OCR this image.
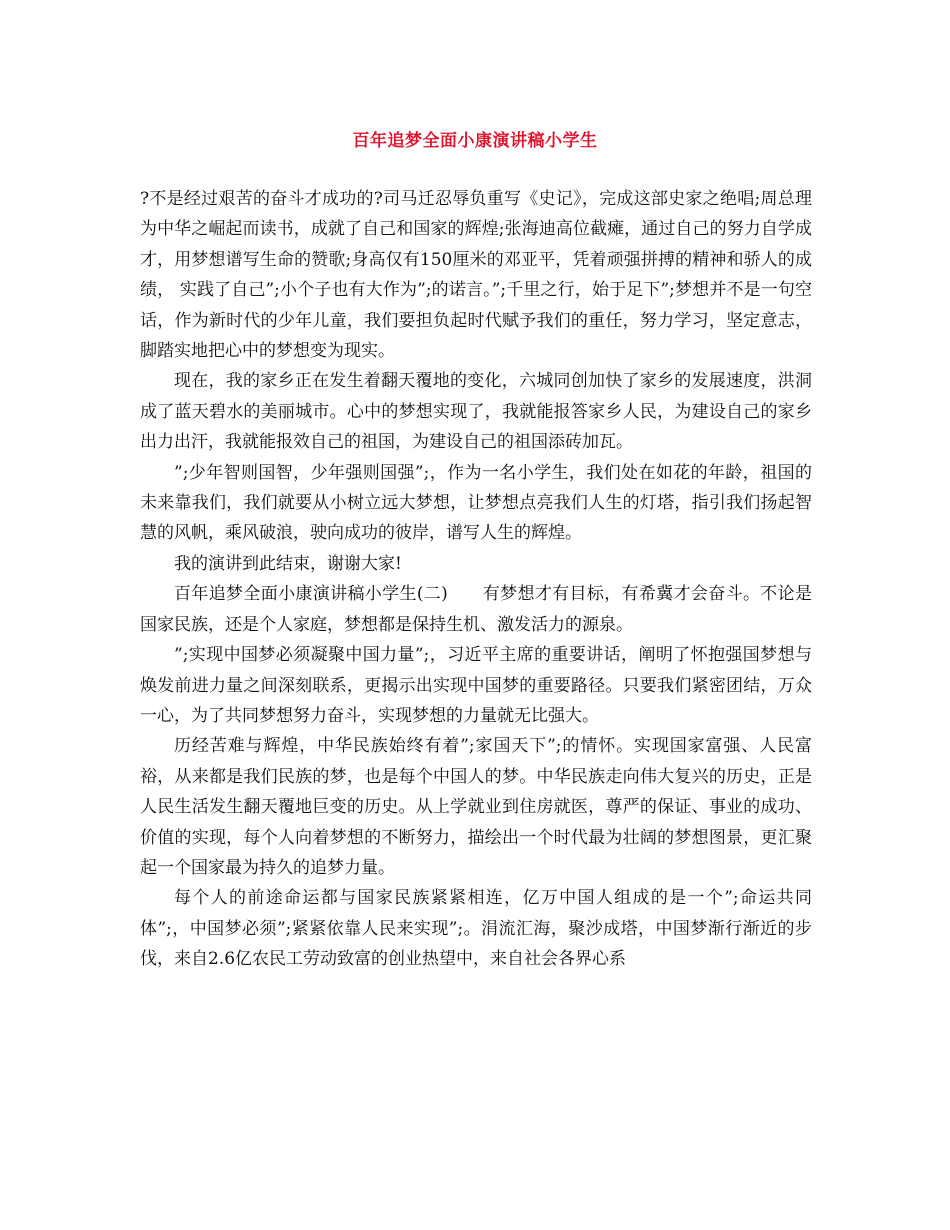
百年追梦全面小康演讲稿小学生

?不是经过艰苦的奋斗才成功的?司马迁忍辱负重写《史记》，完成这部史家之绝唱;周总理为中华之崛起而读书，成就了自己和国家的辉煌;张海迪高位截瘫，通过自己的努力自学成才，用梦想谱写生命的赞歌;身高仅有150厘米的邓亚平，凭着顽强拼搏的精神和骄人的成绩， 实践了自己”;小个子也有大作为”;的诺言。”;千里之行，始于足下”;梦想并不是一句空话，作为新时代的少年儿童，我们要担负起时代赋予我们的重任，努力学习，坚定意志，脚踏实地把心中的梦想变为现实。

现在，我的家乡正在发生着翻天覆地的变化，六城同创加快了家乡的发展速度，洪洞成了蓝天碧水的美丽城市。心中的梦想实现了，我就能报答家乡人民，为建设自己的家乡出力出汗，我就能报效自己的祖国，为建设自己的祖国添砖加瓦。

”;少年智则国智，少年强则国强”;，作为一名小学生，我们处在如花的年龄，祖国的未来靠我们，我们就要从小树立远大梦想，让梦想点亮我们人生的灯塔，指引我们扬起智慧的风帆，乘风破浪，驶向成功的彼岸，谱写人生的辉煌。

我的演讲到此结束，谢谢大家!

百年追梦全面小康演讲稿小学生(二)　　有梦想才有目标，有希冀才会奋斗。不论是国家民族，还是个人家庭，梦想都是保持生机、激发活力的源泉。

”;实现中国梦必须凝聚中国力量”;，习近平主席的重要讲话，阐明了怀抱强国梦想与焕发前进力量之间深刻联系，更揭示出实现中国梦的重要路径。只要我们紧密团结，万众一心，为了共同梦想努力奋斗，实现梦想的力量就无比强大。

历经苦难与辉煌，中华民族始终有着”;家国天下”;的情怀。实现国家富强、人民富裕，从来都是我们民族的梦，也是每个中国人的梦。中华民族走向伟大复兴的历史，正是人民生活发生翻天覆地巨变的历史。从上学就业到住房就医，尊严的保证、事业的成功、价值的实现，每个人向着梦想的不断努力，描绘出一个时代最为壮阔的梦想图景，更汇聚起一个国家最为持久的追梦力量。

每个人的前途命运都与国家民族紧紧相连，亿万中国人组成的是一个”;命运共同体”;，中国梦必须”;紧紧依靠人民来实现”;。涓流汇海，聚沙成塔，中国梦渐行渐近的步伐，来自2.6亿农民工劳动致富的创业热望中，来自社会各界心系
